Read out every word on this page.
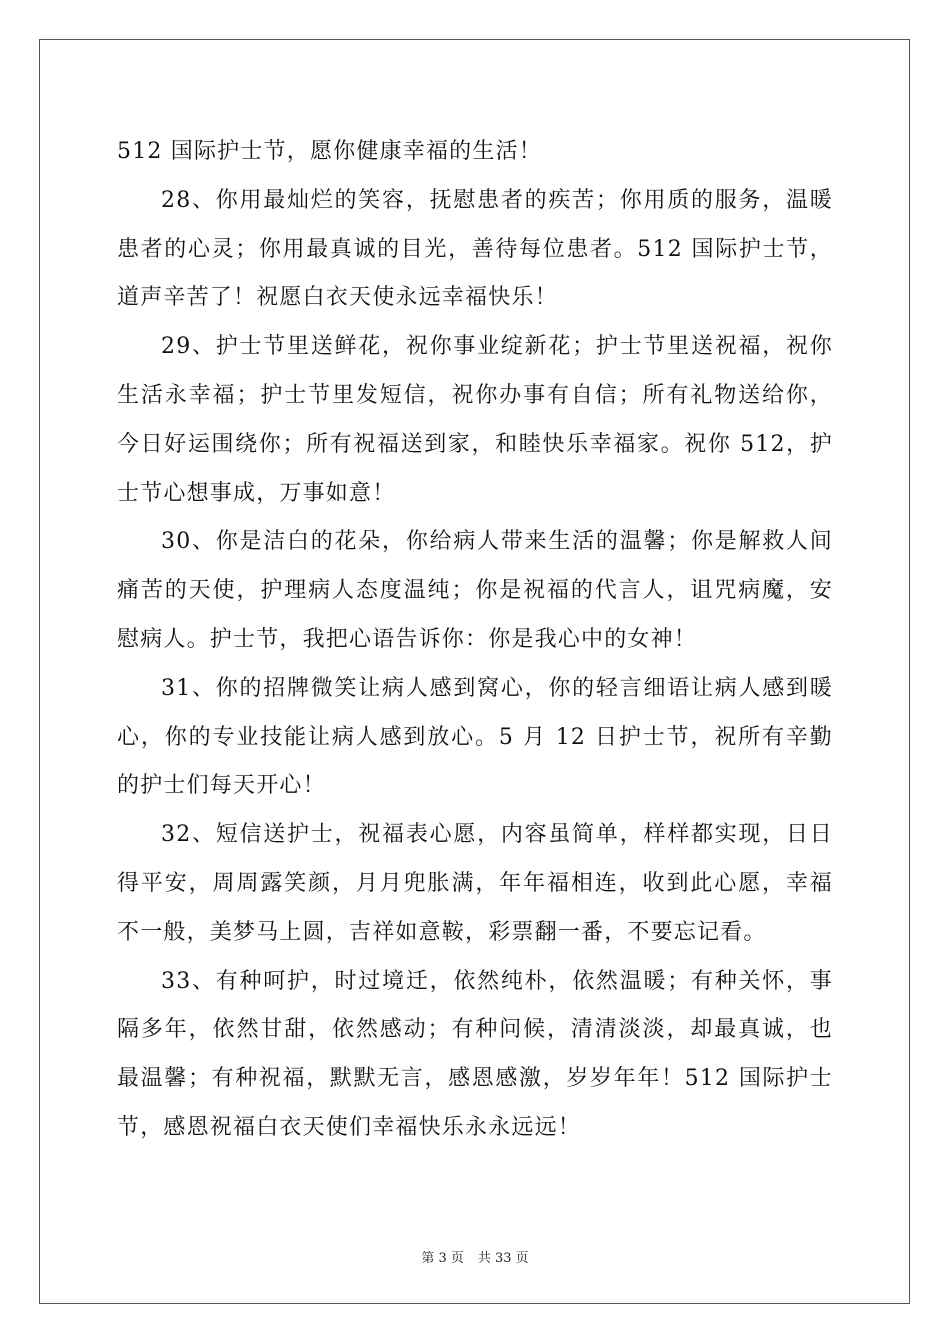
512 国际护士节，愿你健康幸福的生活！

28、你用最灿烂的笑容，抚慰患者的疾苦；你用质的服务，温暖患者的心灵；你用最真诚的目光，善待每位患者。512 国际护士节，道声辛苦了！祝愿白衣天使永远幸福快乐！

29、护士节里送鲜花，祝你事业绽新花；护士节里送祝福，祝你生活永幸福；护士节里发短信，祝你办事有自信；所有礼物送给你，今日好运围绕你；所有祝福送到家，和睦快乐幸福家。祝你 512，护士节心想事成，万事如意！

30、你是洁白的花朵，你给病人带来生活的温馨；你是解救人间痛苦的天使，护理病人态度温纯；你是祝福的代言人，诅咒病魔，安慰病人。护士节，我把心语告诉你：你是我心中的女神！

31、你的招牌微笑让病人感到窝心，你的轻言细语让病人感到暖心，你的专业技能让病人感到放心。5 月 12 日护士节，祝所有辛勤的护士们每天开心！

32、短信送护士，祝福表心愿，内容虽简单，样样都实现，日日得平安，周周露笑颜，月月兜胀满，年年福相连，收到此心愿，幸福不一般，美梦马上圆，吉祥如意鞍，彩票翻一番，不要忘记看。

33、有种呵护，时过境迁，依然纯朴，依然温暖；有种关怀，事隔多年，依然甘甜，依然感动；有种问候，清清淡淡，却最真诚，也最温馨；有种祝福，默默无言，感恩感激，岁岁年年！512 国际护士节，感恩祝福白衣天使们幸福快乐永永远远！

第 3 页 共 33 页
